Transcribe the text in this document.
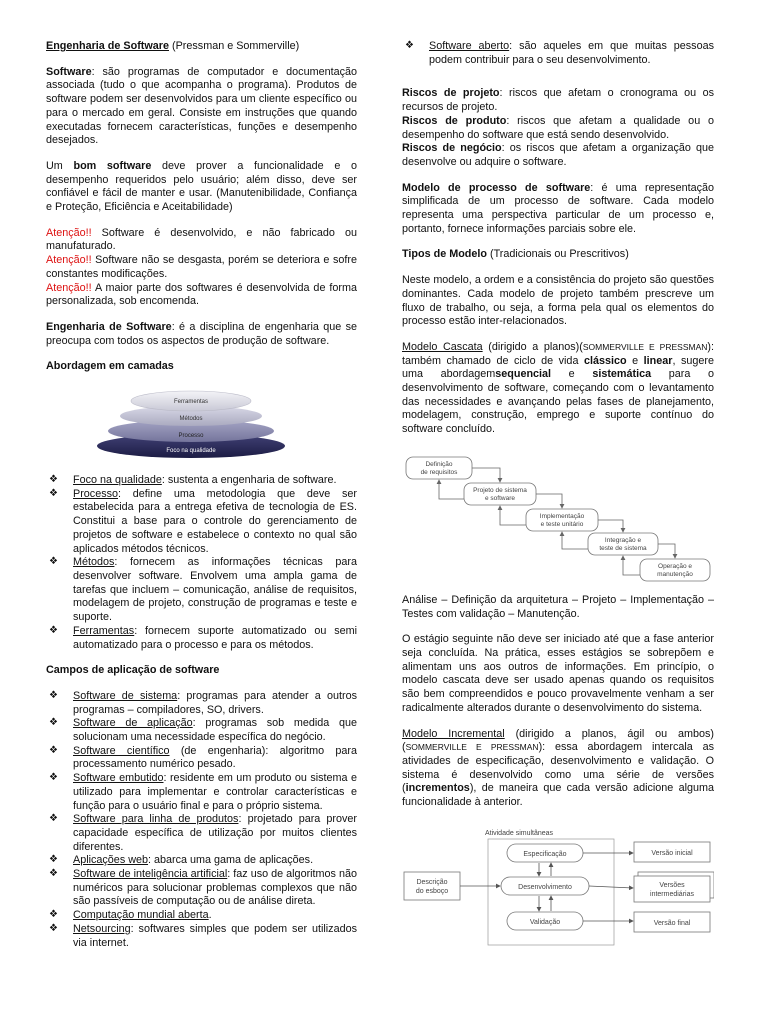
Engenharia de Software (Pressman e Sommerville)

Software: são programas de computador e documentação associada (tudo o que acompanha o programa). Produtos de software podem ser desenvolvidos para um cliente específico ou para o mercado em geral. Consiste em instruções que quando executadas fornecem características, funções e desempenho desejados.

Um bom software deve prover a funcionalidade e o desempenho requeridos pelo usuário; além disso, deve ser confiável e fácil de manter e usar. (Manutenibilidade, Confiança e Proteção, Eficiência e Aceitabilidade)

Atenção!! Software é desenvolvido, e não fabricado ou manufaturado.
Atenção!! Software não se desgasta, porém se deteriora e sofre constantes modificações.
Atenção!! A maior parte dos softwares é desenvolvida de forma personalizada, sob encomenda.

Engenharia de Software: é a disciplina de engenharia que se preocupa com todos os aspectos de produção de software.

Abordagem em camadas

Ferramentas
Métodos
Processo
Foco na qualidade
❖ Foco na qualidade: sustenta a engenharia de software.
❖ Processo: define uma metodologia que deve ser estabelecida para a entrega efetiva de tecnologia de ES. Constitui a base para o controle do gerenciamento de projetos de software e estabelece o contexto no qual são aplicados métodos técnicos.
❖ Métodos: fornecem as informações técnicas para desenvolver software. Envolvem uma ampla gama de tarefas que incluem – comunicação, análise de requisitos, modelagem de projeto, construção de programas e teste e suporte.
❖ Ferramentas: fornecem suporte automatizado ou semi automatizado para o processo e para os métodos.

Campos de aplicação de software

❖ Software de sistema: programas para atender a outros programas – compiladores, SO, drivers.
❖ Software de aplicação: programas sob medida que solucionam uma necessidade específica do negócio.
❖ Software científico (de engenharia): algoritmo para processamento numérico pesado.
❖ Software embutido: residente em um produto ou sistema e utilizado para implementar e controlar características e função para o usuário final e para o próprio sistema.
❖ Software para linha de produtos: projetado para prover capacidade específica de utilização por muitos clientes diferentes.
❖ Aplicações web: abarca uma gama de aplicações.
❖ Software de inteligência artificial: faz uso de algoritmos não numéricos para solucionar problemas complexos que não são passíveis de computação ou de análise direta.
❖ Computação mundial aberta.
❖ Netsourcing: softwares simples que podem ser utilizados via internet.
❖ Software aberto: são aqueles em que muitas pessoas podem contribuir para o seu desenvolvimento.

Riscos de projeto: riscos que afetam o cronograma ou os recursos de projeto.
Riscos de produto: riscos que afetam a qualidade ou o desempenho do software que está sendo desenvolvido.
Riscos de negócio: os riscos que afetam a organização que desenvolve ou adquire o software.

Modelo de processo de software: é uma representação simplificada de um processo de software. Cada modelo representa uma perspectiva particular de um processo e, portanto, fornece informações parciais sobre ele.

Tipos de Modelo (Tradicionais ou Prescritivos)

Neste modelo, a ordem e a consistência do projeto são questões dominantes. Cada modelo de projeto também prescreve um fluxo de trabalho, ou seja, a forma pela qual os elementos do processo estão inter-relacionados.

Modelo Cascata (dirigido a planos)(SOMMERVILLE E PRESSMAN): também chamado de ciclo de vida clássico e linear, sugere uma abordagemsequencial e sistemática para o desenvolvimento de software, começando com o levantamento das necessidades e avançando pelas fases de planejamento, modelagem, construção, emprego e suporte contínuo do software concluído.

Definição
de requisitos
Projeto de sistema
e software
Implementação
e teste unitário
Integração e
teste de sistema
Operação e
manutenção

Análise – Definição da arquitetura – Projeto – Implementação – Testes com validação – Manutenção.

O estágio seguinte não deve ser iniciado até que a fase anterior seja concluída. Na prática, esses estágios se sobrepõem e alimentam uns aos outros de informações. Em princípio, o modelo cascata deve ser usado apenas quando os requisitos são bem compreendidos e pouco provavelmente venham a ser radicalmente alterados durante o desenvolvimento do sistema.

Modelo Incremental (dirigido a planos, ágil ou ambos)(SOMMERVILLE E PRESSMAN): essa abordagem intercala as atividades de especificação, desenvolvimento e validação. O sistema é desenvolvido como uma série de versões (incrementos), de maneira que cada versão adicione alguma funcionalidade à anterior.

Atividade simultâneas
Descrição
do esboço
Especificação
Desenvolvimento
Validação
Versão inicial
Versões
intermediárias
Versão final
